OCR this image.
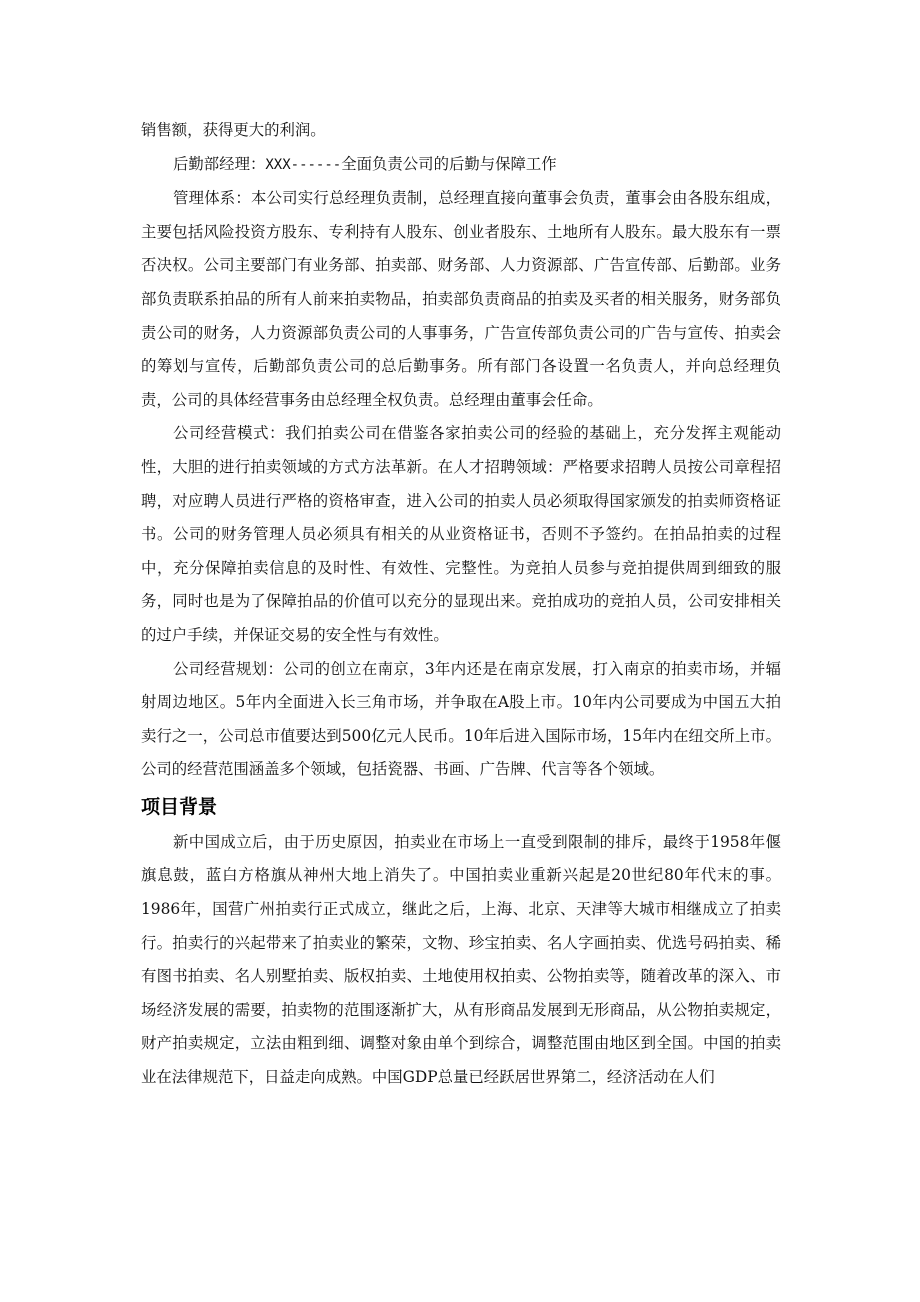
销售额，获得更大的利润。

后勤部经理：XXX------全面负责公司的后勤与保障工作

管理体系：本公司实行总经理负责制，总经理直接向董事会负责，董事会由各股东组成，主要包括风险投资方股东、专利持有人股东、创业者股东、土地所有人股东。最大股东有一票否决权。公司主要部门有业务部、拍卖部、财务部、人力资源部、广告宣传部、后勤部。业务部负责联系拍品的所有人前来拍卖物品，拍卖部负责商品的拍卖及买者的相关服务，财务部负责公司的财务，人力资源部负责公司的人事事务，广告宣传部负责公司的广告与宣传、拍卖会的筹划与宣传，后勤部负责公司的总后勤事务。所有部门各设置一名负责人，并向总经理负责，公司的具体经营事务由总经理全权负责。总经理由董事会任命。

公司经营模式：我们拍卖公司在借鉴各家拍卖公司的经验的基础上，充分发挥主观能动性，大胆的进行拍卖领域的方式方法革新。在人才招聘领域：严格要求招聘人员按公司章程招聘，对应聘人员进行严格的资格审查，进入公司的拍卖人员必须取得国家颁发的拍卖师资格证书。公司的财务管理人员必须具有相关的从业资格证书，否则不予签约。在拍品拍卖的过程中，充分保障拍卖信息的及时性、有效性、完整性。为竞拍人员参与竞拍提供周到细致的服务，同时也是为了保障拍品的价值可以充分的显现出来。竞拍成功的竞拍人员，公司安排相关的过户手续，并保证交易的安全性与有效性。

公司经营规划：公司的创立在南京，3年内还是在南京发展，打入南京的拍卖市场，并辐射周边地区。5年内全面进入长三角市场，并争取在A股上市。10年内公司要成为中国五大拍卖行之一，公司总市值要达到500亿元人民币。10年后进入国际市场，15年内在纽交所上市。公司的经营范围涵盖多个领域，包括瓷器、书画、广告牌、代言等各个领域。

项目背景

新中国成立后，由于历史原因，拍卖业在市场上一直受到限制的排斥，最终于1958年偃旗息鼓，蓝白方格旗从神州大地上消失了。中国拍卖业重新兴起是20世纪80年代末的事。1986年，国营广州拍卖行正式成立，继此之后，上海、北京、天津等大城市相继成立了拍卖行。拍卖行的兴起带来了拍卖业的繁荣，文物、珍宝拍卖、名人字画拍卖、优选号码拍卖、稀有图书拍卖、名人别墅拍卖、版权拍卖、土地使用权拍卖、公物拍卖等，随着改革的深入、市场经济发展的需要，拍卖物的范围逐渐扩大，从有形商品发展到无形商品，从公物拍卖规定，财产拍卖规定，立法由粗到细、调整对象由单个到综合，调整范围由地区到全国。中国的拍卖业在法律规范下，日益走向成熟。中国GDP总量已经跃居世界第二，经济活动在人们
